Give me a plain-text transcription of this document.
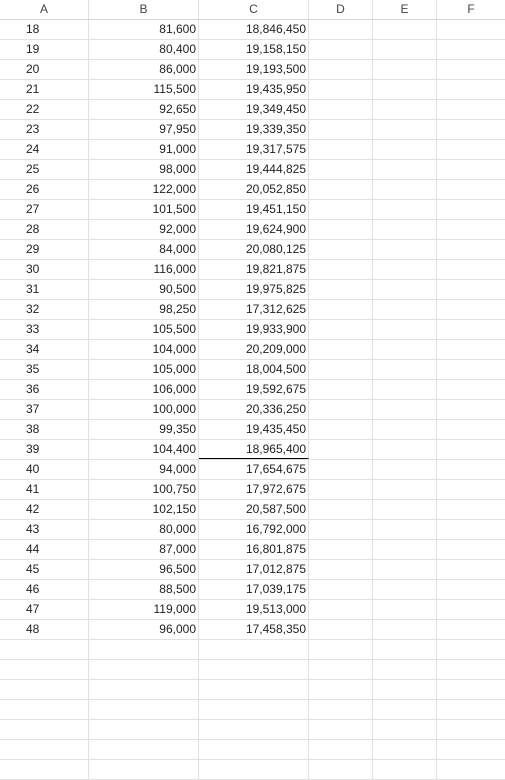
A	B	C	D	E	F
18	81,600	18,846,450
19	80,400	19,158,150
20	86,000	19,193,500
21	115,500	19,435,950
22	92,650	19,349,450
23	97,950	19,339,350
24	91,000	19,317,575
25	98,000	19,444,825
26	122,000	20,052,850
27	101,500	19,451,150
28	92,000	19,624,900
29	84,000	20,080,125
30	116,000	19,821,875
31	90,500	19,975,825
32	98,250	17,312,625
33	105,500	19,933,900
34	104,000	20,209,000
35	105,000	18,004,500
36	106,000	19,592,675
37	100,000	20,336,250
38	99,350	19,435,450
39	104,400	18,965,400
40	94,000	17,654,675
41	100,750	17,972,675
42	102,150	20,587,500
43	80,000	16,792,000
44	87,000	16,801,875
45	96,500	17,012,875
46	88,500	17,039,175
47	119,000	19,513,000
48	96,000	17,458,350
